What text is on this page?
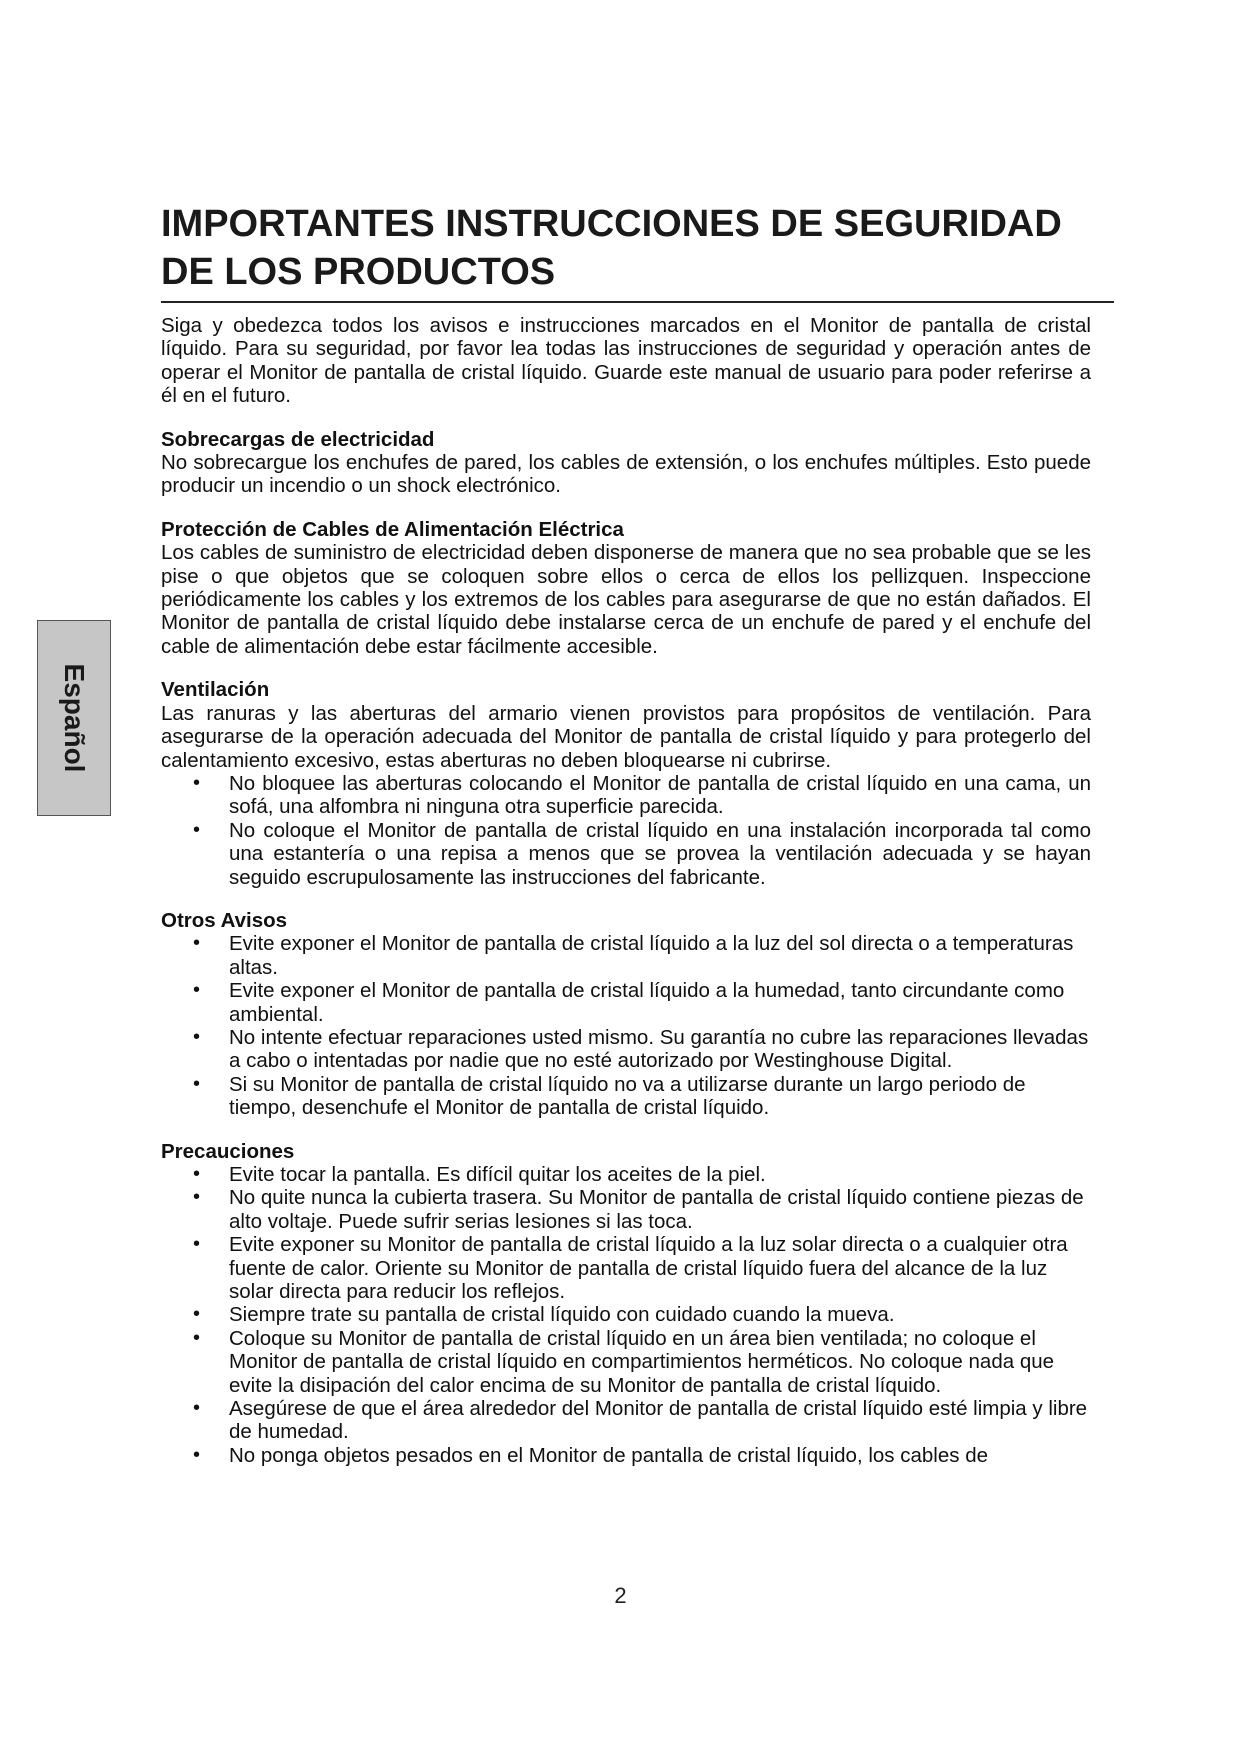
IMPORTANTES INSTRUCCIONES DE SEGURIDAD DE LOS PRODUCTOS

Siga y obedezca todos los avisos e instrucciones marcados en el Monitor de pantalla de cristal líquido. Para su seguridad, por favor lea todas las instrucciones de seguridad y operación antes de operar el Monitor de pantalla de cristal líquido. Guarde este manual de usuario para poder referirse a él en el futuro.

Sobrecargas de electricidad

No sobrecargue los enchufes de pared, los cables de extensión, o los enchufes múltiples. Esto puede producir un incendio o un shock electrónico.

Protección de Cables de Alimentación Eléctrica

Los cables de suministro de electricidad deben disponerse de manera que no sea probable que se les pise o que objetos que se coloquen sobre ellos o cerca de ellos los pellizquen. Inspeccione periódicamente los cables y los extremos de los cables para asegurarse de que no están dañados. El Monitor de pantalla de cristal líquido debe instalarse cerca de un enchufe de pared y el enchufe del cable de alimentación debe estar fácilmente accesible.

Ventilación

Las ranuras y las aberturas del armario vienen provistos para propósitos de ventilación. Para asegurarse de la operación adecuada del Monitor de pantalla de cristal líquido y para protegerlo del calentamiento excesivo, estas aberturas no deben bloquearse ni cubrirse.

• No bloquee las aberturas colocando el Monitor de pantalla de cristal líquido en una cama, un sofá, una alfombra ni ninguna otra superficie parecida.
• No coloque el Monitor de pantalla de cristal líquido en una instalación incorporada tal como una estantería o una repisa a menos que se provea la ventilación adecuada y se hayan seguido escrupulosamente las instrucciones del fabricante.
Otros Avisos
• Evite exponer el Monitor de pantalla de cristal líquido a la luz del sol directa o a temperaturas altas.
• Evite exponer el Monitor de pantalla de cristal líquido a la humedad, tanto circundante como ambiental.
• No intente efectuar reparaciones usted mismo. Su garantía no cubre las reparaciones llevadas a cabo o intentadas por nadie que no esté autorizado por Westinghouse Digital.
• Si su Monitor de pantalla de cristal líquido no va a utilizarse durante un largo periodo de tiempo, desenchufe el Monitor de pantalla de cristal líquido.
Precauciones
• Evite tocar la pantalla. Es difícil quitar los aceites de la piel.
• No quite nunca la cubierta trasera. Su Monitor de pantalla de cristal líquido contiene piezas de alto voltaje. Puede sufrir serias lesiones si las toca.
• Evite exponer su Monitor de pantalla de cristal líquido a la luz solar directa o a cualquier otra fuente de calor. Oriente su Monitor de pantalla de cristal líquido fuera del alcance de la luz solar directa para reducir los reflejos.
• Siempre trate su pantalla de cristal líquido con cuidado cuando la mueva.
• Coloque su Monitor de pantalla de cristal líquido en un área bien ventilada; no coloque el Monitor de pantalla de cristal líquido en compartimientos herméticos. No coloque nada que evite la disipación del calor encima de su Monitor de pantalla de cristal líquido.
• Asegúrese de que el área alrededor del Monitor de pantalla de cristal líquido esté limpia y libre de humedad.
• No ponga objetos pesados en el Monitor de pantalla de cristal líquido, los cables de
Español
2
